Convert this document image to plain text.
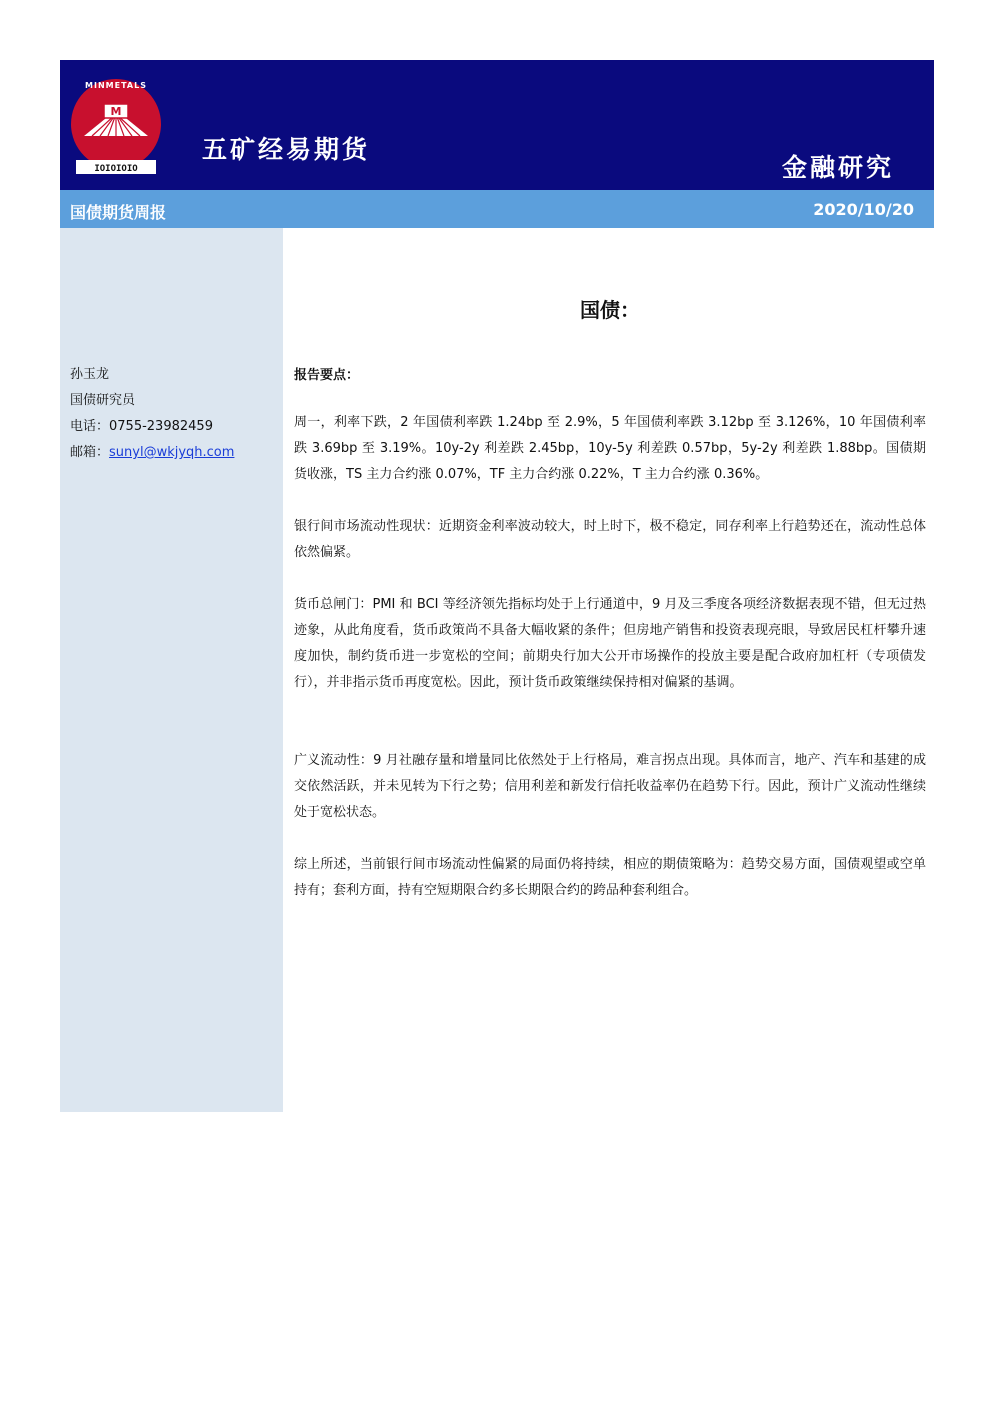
M
IOIOIOIO
MINMETALS
五矿经易期货
金融研究
国债期货周报	2020/10/20
孙玉龙
国债研究员
电话：0755-23982459
邮箱：sunyl@wkjyqh.com
国债：
报告要点：

周一，利率下跌，2 年国债利率跌 1.24bp 至 2.9%，5 年国债利率跌 3.12bp 至 3.126%，10 年国债利率跌 3.69bp 至 3.19%。10y-2y 利差跌 2.45bp，10y-5y 利差跌 0.57bp，5y-2y 利差跌 1.88bp。国债期货收涨，TS 主力合约涨 0.07%，TF 主力合约涨 0.22%，T 主力合约涨 0.36%。

银行间市场流动性现状：近期资金利率波动较大，时上时下，极不稳定，同存利率上行趋势还在，流动性总体依然偏紧。

货币总闸门：PMI 和 BCI 等经济领先指标均处于上行通道中，9 月及三季度各项经济数据表现不错，但无过热迹象，从此角度看，货币政策尚不具备大幅收紧的条件；但房地产销售和投资表现亮眼，导致居民杠杆攀升速度加快，制约货币进一步宽松的空间；前期央行加大公开市场操作的投放主要是配合政府加杠杆（专项债发行），并非指示货币再度宽松。因此，预计货币政策继续保持相对偏紧的基调。

广义流动性：9 月社融存量和增量同比依然处于上行格局，难言拐点出现。具体而言，地产、汽车和基建的成交依然活跃，并未见转为下行之势；信用利差和新发行信托收益率仍在趋势下行。因此，预计广义流动性继续处于宽松状态。

综上所述，当前银行间市场流动性偏紧的局面仍将持续，相应的期债策略为：趋势交易方面，国债观望或空单持有；套利方面，持有空短期限合约多长期限合约的跨品种套利组合。
